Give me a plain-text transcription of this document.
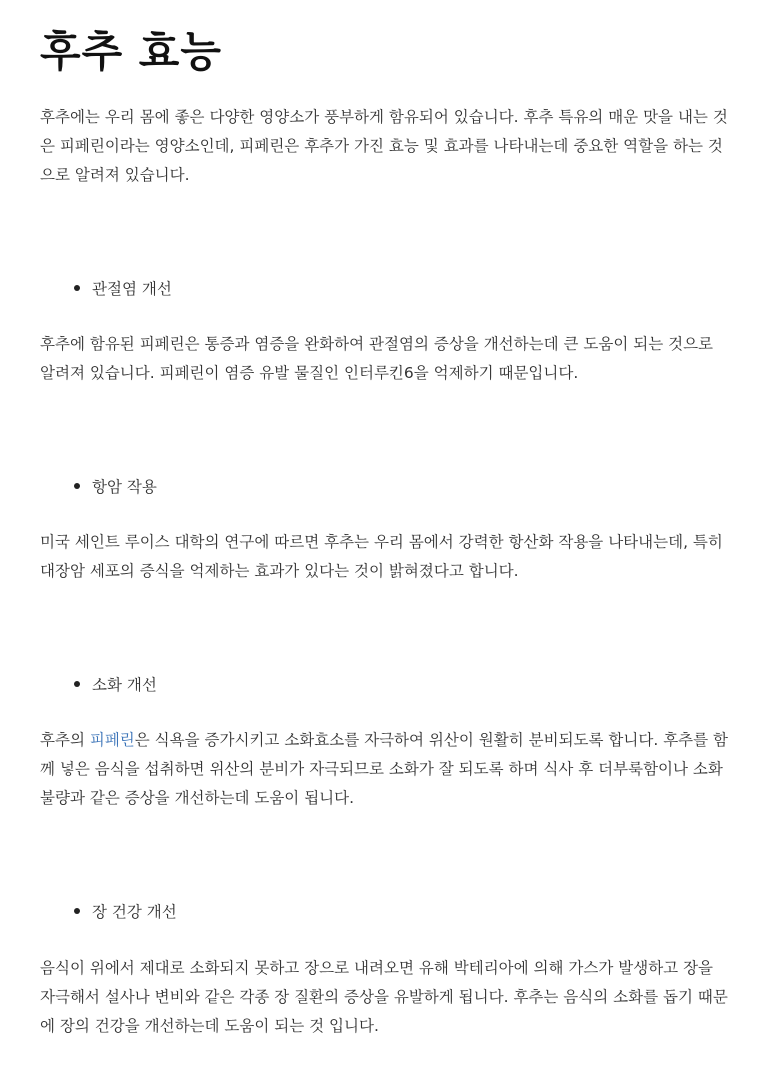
후추 효능

후추에는 우리 몸에 좋은 다양한 영양소가 풍부하게 함유되어 있습니다. 후추 특유의 매운 맛을 내는 것은 피페린이라는 영양소인데, 피페린은 후추가 가진 효능 및 효과를 나타내는데 중요한 역할을 하는 것으로 알려져 있습니다.

관절염 개선

후추에 함유된 피페린은 통증과 염증을 완화하여 관절염의 증상을 개선하는데 큰 도움이 되는 것으로 알려져 있습니다. 피페린이 염증 유발 물질인 인터루킨6을 억제하기 때문입니다.

항암 작용

미국 세인트 루이스 대학의 연구에 따르면 후추는 우리 몸에서 강력한 항산화 작용을 나타내는데, 특히 대장암 세포의 증식을 억제하는 효과가 있다는 것이 밝혀졌다고 합니다.

소화 개선

후추의 피페린은 식욕을 증가시키고 소화효소를 자극하여 위산이 원활히 분비되도록 합니다. 후추를 함께 넣은 음식을 섭취하면 위산의 분비가 자극되므로 소화가 잘 되도록 하며 식사 후 더부룩함이나 소화불량과 같은 증상을 개선하는데 도움이 됩니다.

장 건강 개선

음식이 위에서 제대로 소화되지 못하고 장으로 내려오면 유해 박테리아에 의해 가스가 발생하고 장을 자극해서 설사나 변비와 같은 각종 장 질환의 증상을 유발하게 됩니다. 후추는 음식의 소화를 돕기 때문에 장의 건강을 개선하는데 도움이 되는 것 입니다.
